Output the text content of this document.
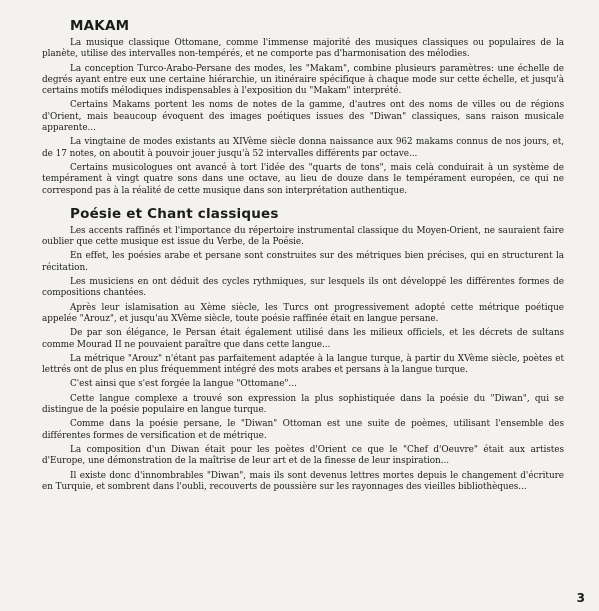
MAKAM

La musique classique Ottomane, comme l'immense majorité des musiques classiques ou populaires de la planète, utilise des intervalles non-tempérés, et ne comporte pas d'harmonisation des mélodies.

La conception Turco-Arabo-Persane des modes, les "Makam", combine plusieurs paramètres: une échelle de degrés ayant entre eux une certaine hiérarchie, un itinéraire spécifique à chaque mode sur cette échelle, et jusqu'à certains motifs mélodiques indispensables à l'exposition du "Makam" interprété.

Certains Makams portent les noms de notes de la gamme, d'autres ont des noms de villes ou de régions d'Orient, mais beaucoup évoquent des images poétiques issues des "Diwan" classiques, sans raison musicale apparente...

La vingtaine de modes existants au XIVème siècle donna naissance aux 962 makams connus de nos jours, et, de 17 notes, on aboutit à pouvoir jouer jusqu'à 52 intervalles différents par octave...

Certains musicologues ont avancé à tort l'idée des "quarts de tons", mais celà conduirait à un système de tempérament à vingt quatre sons dans une octave, au lieu de douze dans le tempérament européen, ce qui ne correspond pas à la réalité de cette musique dans son interprétation authentique.

Poésie et Chant classiques

Les accents raffinés et l'importance du répertoire instrumental classique du Moyen-Orient, ne sauraient faire oublier que cette musique est issue du Verbe, de la Poésie.

En effet, les poésies arabe et persane sont construites sur des métriques bien précises, qui en structurent la récitation.

Les musiciens en ont déduit des cycles rythmiques, sur lesquels ils ont développé les différentes formes de compositions chantées.

Après leur islamisation au Xème siècle, les Turcs ont progressivement adopté cette métrique poétique appelée "Arouz", et jusqu'au XVème siècle, toute poésie raffinée était en langue persane.

De par son élégance, le Persan était également utilisé dans les milieux officiels, et les décrets de sultans comme Mourad II ne pouvaient paraître que dans cette langue...

La métrique "Arouz" n'étant pas parfaitement adaptée à la langue turque, à partir du XVème siècle, poètes et lettrés ont de plus en plus fréquemment intégré des mots arabes et persans à la langue turque.

C'est ainsi que s'est forgée la langue "Ottomane"...

Cette langue complexe a trouvé son expression la plus sophistiquée dans la poésie du "Diwan", qui se distingue de la poésie populaire en langue turque.

Comme dans la poésie persane, le "Diwan" Ottoman est une suite de poèmes, utilisant l'ensemble des différentes formes de versification et de métrique.

La composition d'un Diwan était pour les poètes d'Orient ce que le "Chef d'Oeuvre" était aux artistes d'Europe, une démonstration de la maîtrise de leur art et de la finesse de leur inspiration...

Il existe donc d'innombrables "Diwan", mais ils sont devenus lettres mortes depuis le changement d'écriture en Turquie, et sombrent dans l'oubli, recouverts de poussière sur les rayonnages des vieilles bibliothèques...

3
